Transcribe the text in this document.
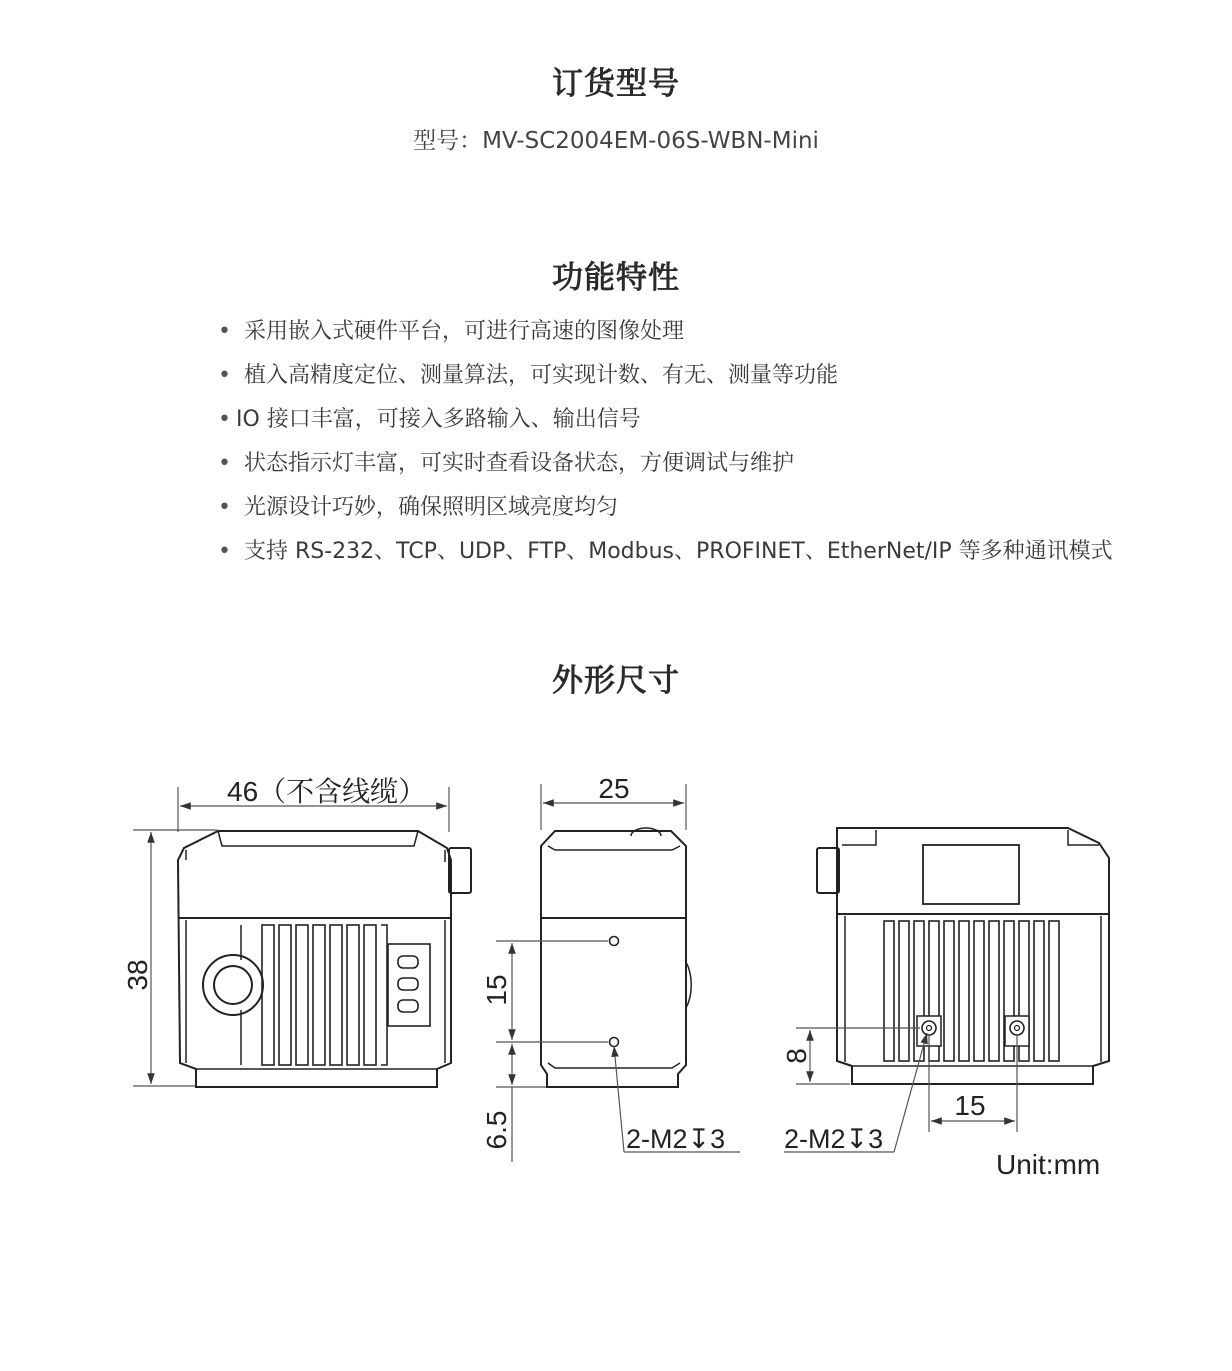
订货型号
型号：MV-SC2004EM-06S-WBN-Mini
功能特性
• 采用嵌入式硬件平台，可进行高速的图像处理
• 植入高精度定位、测量算法，可实现计数、有无、测量等功能
• IO 接口丰富，可接入多路输入、输出信号
• 状态指示灯丰富，可实时查看设备状态，方便调试与维护
• 光源设计巧妙，确保照明区域亮度均匀
• 支持 RS-232、TCP、UDP、FTP、Modbus、PROFINET、EtherNet/IP 等多种通讯模式
外形尺寸
46（不含线缆）
38
25
15
6.5	2-M2↧3
8
15
2-M2↧3
Unit:mm
